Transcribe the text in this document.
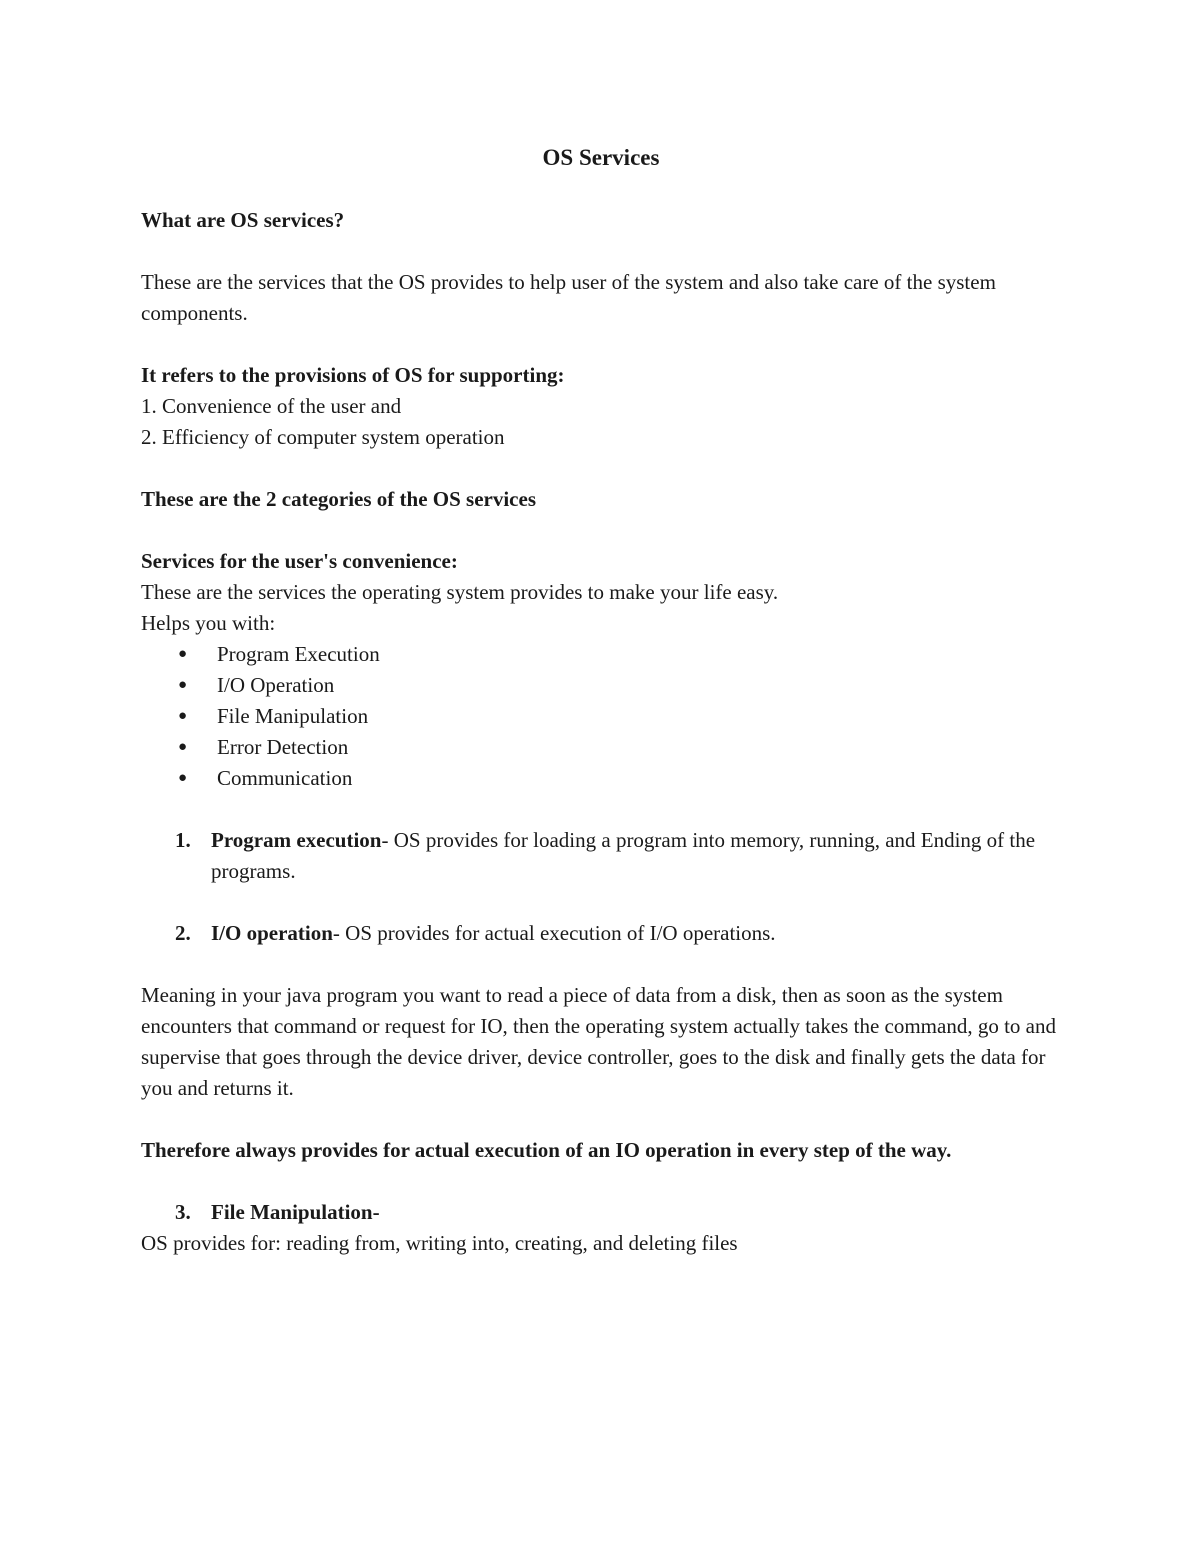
OS Services

What are OS services?

These are the services that the OS provides to help user of the system and also take care of the system components.

It refers to the provisions of OS for supporting:

1. Convenience of the user and

2. Efficiency of computer system operation

These are the 2 categories of the OS services

Services for the user's convenience:

These are the services the operating system provides to make your life easy.

Helps you with:

● Program Execution
● I/O Operation
● File Manipulation
● Error Detection
● Communication
1. Program execution- OS provides for loading a program into memory, running, and Ending of the programs.
2. I/O operation- OS provides for actual execution of I/O operations.

Meaning in your java program you want to read a piece of data from a disk, then as soon as the system encounters that command or request for IO, then the operating system actually takes the command, go to and supervise that goes through the device driver, device controller, goes to the disk and finally gets the data for you and returns it.

Therefore always provides for actual execution of an IO operation in every step of the way.

3. File Manipulation-

OS provides for: reading from, writing into, creating, and deleting files
